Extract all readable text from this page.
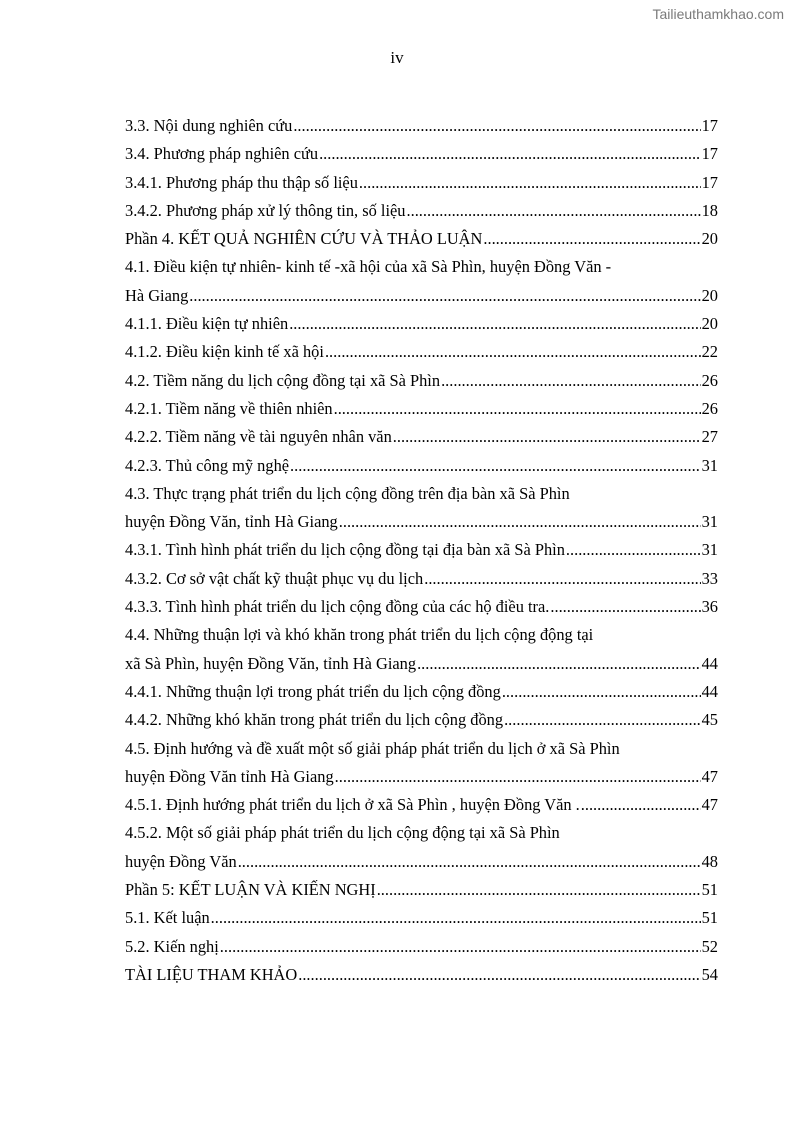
Tailieuthamkhao.com
iv
3.3. Nội dung nghiên cứu .....	17
3.4. Phương pháp nghiên cứu .....	17
3.4.1. Phương pháp thu thập số liệu .....	17
3.4.2. Phương pháp xử lý thông tin, số liệu .....	18
Phần 4. KẾT QUẢ NGHIÊN CỨU VÀ THẢO LUẬN .....	20
4.1. Điều kiện tự nhiên- kinh tế -xã hội của xã Sà Phìn, huyện Đồng Văn -
Hà Giang .....	20
4.1.1. Điều kiện tự nhiên .....	20
4.1.2. Điều kiện kinh tế xã hội .....	22
4.2. Tiềm năng du lịch cộng đồng tại xã Sà Phìn .....	26
4.2.1. Tiềm năng về thiên nhiên .....	26
4.2.2. Tiềm năng về tài nguyên nhân văn .....	27
4.2.3. Thủ công mỹ nghệ .....	31
4.3. Thực trạng phát triển du lịch cộng đồng trên địa bàn xã Sà Phìn
huyện Đồng Văn, tỉnh Hà Giang .....	31
4.3.1. Tình hình phát triển du lịch cộng đồng tại địa bàn xã Sà Phìn .....	31
4.3.2. Cơ sở vật chất kỹ thuật phục vụ du lịch .....	33
4.3.3. Tình hình phát triển du lịch cộng đồng của các hộ điều tra. .....	36
4.4. Những thuận lợi và khó khăn trong phát triển du lịch cộng động tại
xã Sà Phìn, huyện Đồng Văn, tỉnh Hà Giang .....	44
4.4.1. Những thuận lợi trong phát triển du lịch cộng đồng .....	44
4.4.2. Những khó khăn trong phát triển du lịch cộng đồng .....	45
4.5. Định hướng và đề xuất một số giải pháp phát triển du lịch ở xã Sà Phìn
huyện Đồng Văn tỉnh Hà Giang .....	47
4.5.1. Định hướng phát triển du lịch ở xã Sà Phìn , huyện Đồng Văn . .....	47
4.5.2. Một số giải pháp phát triển du lịch cộng động tại xã Sà Phìn
huyện Đồng Văn .....	48
Phần 5: KẾT LUẬN VÀ KIẾN NGHỊ .....	51
5.1. Kết luận .....	51
5.2. Kiến nghị .....	52
TÀI LIỆU THAM KHẢO .....	54
